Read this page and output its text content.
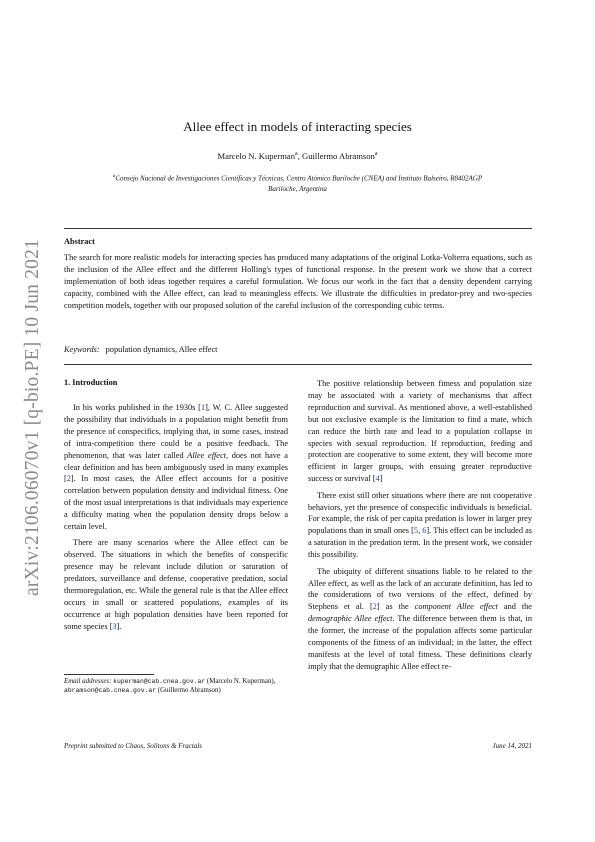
arXiv:2106.06070v1 [q-bio.PE] 10 Jun 2021
Allee effect in models of interacting species
Marcelo N. Kuperman$^a$, Guillermo Abramson$^a$
$^a$Consejo Nacional de Investigaciones Científicas y Técnicas, Centro Atómico Bariloche (CNEA) and Instituto Balseiro, R8402AGP Bariloche, Argentina
Abstract
The search for more realistic models for interacting species has produced many adaptations of the original Lotka-Volterra equations, such as the inclusion of the Allee effect and the different Holling's types of functional response. In the present work we show that a correct implementation of both ideas together requires a careful formulation. We focus our work in the fact that a density dependent carrying capacity, combined with the Allee effect, can lead to meaningless effects. We illustrate the difficulties in predator-prey and two-species competition models, together with our proposed solution of the careful inclusion of the corresponding cubic terms.
Keywords: population dynamics, Allee effect
1. Introduction

In his works published in the 1930s [1], W. C. Allee suggested the possibility that individuals in a population might benefit from the presence of conspecifics, implying that, in some cases, instead of intra-competition there could be a positive feedback. The phenomenon, that was later called Allee effect, does not have a clear definition and has been ambiguously used in many examples [2]. In most cases, the Allee effect accounts for a positive correlation between population density and individual fitness. One of the most usual interpretations is that individuals may experience a difficulty mating when the population density drops below a certain level.

There are many scenarios where the Allee effect can be observed. The situations in which the benefits of conspecific presence may be relevant include dilution or saturation of predators, surveillance and defense, cooperative predation, social thermoregulation, etc. While the general rule is that the Allee effect occurs in small or scattered populations, examples of its occurrence at high population densities have been reported for some species [3].

The positive relationship between fitness and population size may be associated with a variety of mechanisms that affect reproduction and survival. As mentioned above, a well-established but not exclusive example is the limitation to find a mate, which can reduce the birth rate and lead to a population collapse in species with sexual reproduction. If reproduction, feeding and protection are cooperative to some extent, they will become more efficient in larger groups, with ensuing greater reproductive success or survival [4]

There exist still other situations where there are not cooperative behaviors, yet the presence of conspecific individuals is beneficial. For example, the risk of per capita predation is lower in larger prey populations than in small ones [5, 6]. This effect can be included as a saturation in the predation term. In the present work, we consider this possibility.

The ubiquity of different situations liable to be related to the Allee effect, as well as the lack of an accurate definition, has led to the considerations of two versions of the effect, defined by Stephens et al. [2] as the component Allee effect and the demographic Allee effect. The difference between them is that, in the former, the increase of the population affects some particular components of the fitness of an individual; in the latter, the effect manifests at the level of total fitness. These definitions clearly imply that the demographic Allee effect re-

Email addresses: kuperman@cab.cnea.gov.ar (Marcelo N. Kuperman), abramson@cab.cnea.gov.ar (Guillermo Abramson)
Preprint submitted to Chaos, Solitons & Fractals	June 14, 2021
